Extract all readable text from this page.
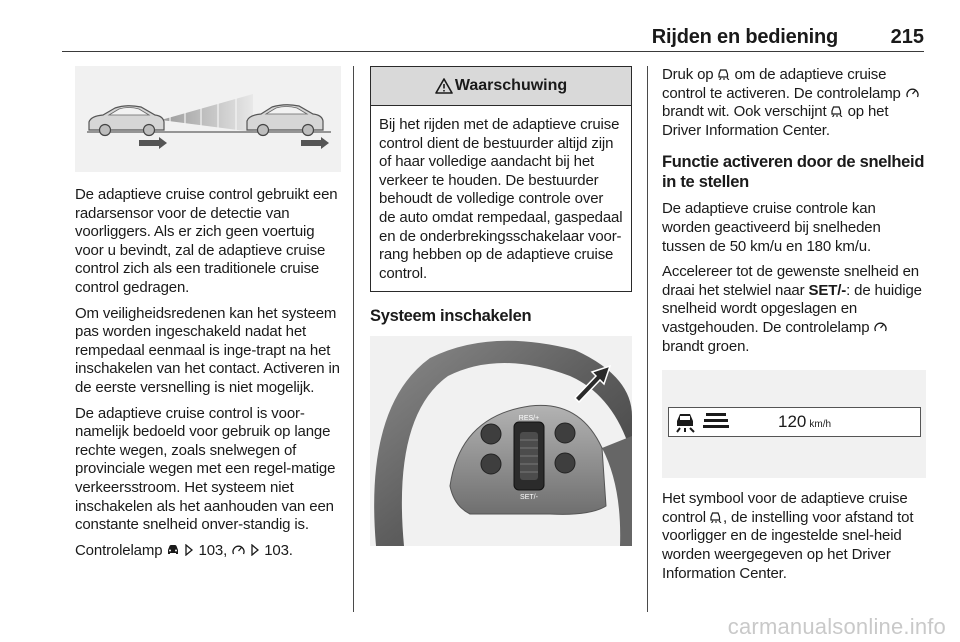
Rijden en bediening	215

De adaptieve cruise control gebruikt een radarsensor voor de detectie van voorliggers. Als er zich geen voertuig voor u bevindt, zal de adaptieve cruise control zich als een traditionele cruise control gedragen.

Om veiligheidsredenen kan het systeem pas worden ingeschakeld nadat het rempedaal eenmaal is inge-trapt na het inschakelen van het contact. Activeren in de eerste versnelling is niet mogelijk.

De adaptieve cruise control is voor-namelijk bedoeld voor gebruik op lange rechte wegen, zoals snelwegen of provinciale wegen met een regel-matige verkeersstroom. Het systeem niet inschakelen als het aanhouden van een constante snelheid onver-standig is.

Controlelamp 103, 103.

Waarschuwing

Bij het rijden met de adaptieve cruise control dient de bestuurder altijd zijn of haar volledige aandacht bij het verkeer te houden. De bestuurder behoudt de volledige controle over de auto omdat rempedaal, gaspedaal en de onderbrekingsschakelaar voor-rang hebben op de adaptieve cruise control.

Systeem inschakelen
RES/+
SET/-

Druk op om de adaptieve cruise control te activeren. De controlelamp  brandt wit. Ook verschijnt op het Driver Information Center.

Functie activeren door de snelheid in te stellen

De adaptieve cruise controle kan worden geactiveerd bij snelheden tussen de 50 km/u en 180 km/u.

Accelereer tot de gewenste snelheid en draai het stelwiel naar SET/-: de huidige snelheid wordt opgeslagen en vastgehouden. De controlelamp  brandt groen.

120 km/h

Het symbool voor de adaptieve cruise control , de instelling voor afstand tot voorligger en de ingestelde snel-heid worden weergegeven op het Driver Information Center.

carmanualsonline.info
